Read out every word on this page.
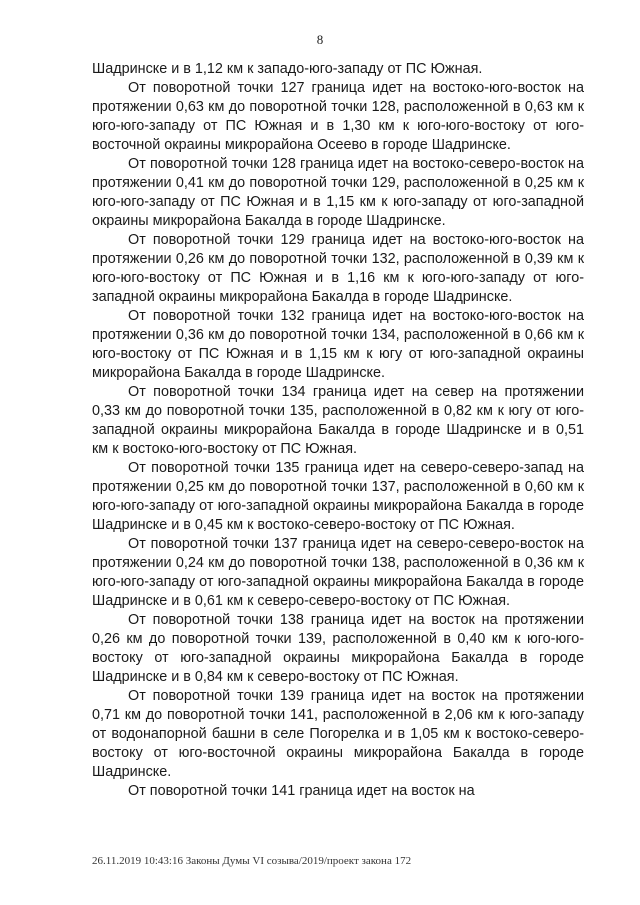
8

Шадринске и в 1,12 км к западо-юго-западу от ПС Южная.

От поворотной точки 127 граница идет на востоко-юго-восток на протяжении 0,63 км до поворотной точки 128, расположенной в 0,63 км к юго-юго-западу от ПС Южная и в 1,30 км к юго-юго-востоку от юго-восточной окраины микрорайона Осеево в городе Шадринске.

От поворотной точки 128 граница идет на востоко-северо-восток на протяжении 0,41 км до поворотной точки 129, расположенной в 0,25 км к юго-юго-западу от ПС Южная и в 1,15 км к юго-западу от юго-западной окраины микрорайона Бакалда в городе Шадринске.

От поворотной точки 129 граница идет на востоко-юго-восток на протяжении 0,26 км до поворотной точки 132, расположенной в 0,39 км к юго-юго-востоку от ПС Южная и в 1,16 км к юго-юго-западу от юго-западной окраины микрорайона Бакалда в городе Шадринске.

От поворотной точки 132 граница идет на востоко-юго-восток на протяжении 0,36 км до поворотной точки 134, расположенной в 0,66 км к юго-востоку от ПС Южная и в 1,15 км к югу от юго-западной окраины микрорайона Бакалда в городе Шадринске.

От поворотной точки 134 граница идет на север на протяжении 0,33 км до поворотной точки 135, расположенной в 0,82 км к югу от юго-западной окраины микрорайона Бакалда в городе Шадринске и в 0,51 км к востоко-юго-востоку от ПС Южная.

От поворотной точки 135 граница идет на северо-северо-запад на протяжении 0,25 км до поворотной точки 137, расположенной в 0,60 км к юго-юго-западу от юго-западной окраины микрорайона Бакалда в городе Шадринске и в 0,45 км к востоко-северо-востоку от ПС Южная.

От поворотной точки 137 граница идет на северо-северо-восток на протяжении 0,24 км до поворотной точки 138, расположенной в 0,36 км к юго-юго-западу от юго-западной окраины микрорайона Бакалда в городе Шадринске и в 0,61 км к северо-северо-востоку от ПС Южная.

От поворотной точки 138 граница идет на восток на протяжении 0,26 км до поворотной точки 139, расположенной в 0,40 км к юго-юго-востоку от юго-западной окраины микрорайона Бакалда в городе Шадринске и в 0,84 км к северо-востоку от ПС Южная.

От поворотной точки 139 граница идет на восток на протяжении 0,71 км до поворотной точки 141, расположенной в 2,06 км к юго-западу от водонапорной башни в селе Погорелка и в 1,05 км к востоко-северо-востоку от юго-восточной окраины микрорайона Бакалда в городе Шадринске.

От поворотной точки 141 граница идет на восток на

26.11.2019 10:43:16 Законы Думы VI созыва/2019/проект закона 172
